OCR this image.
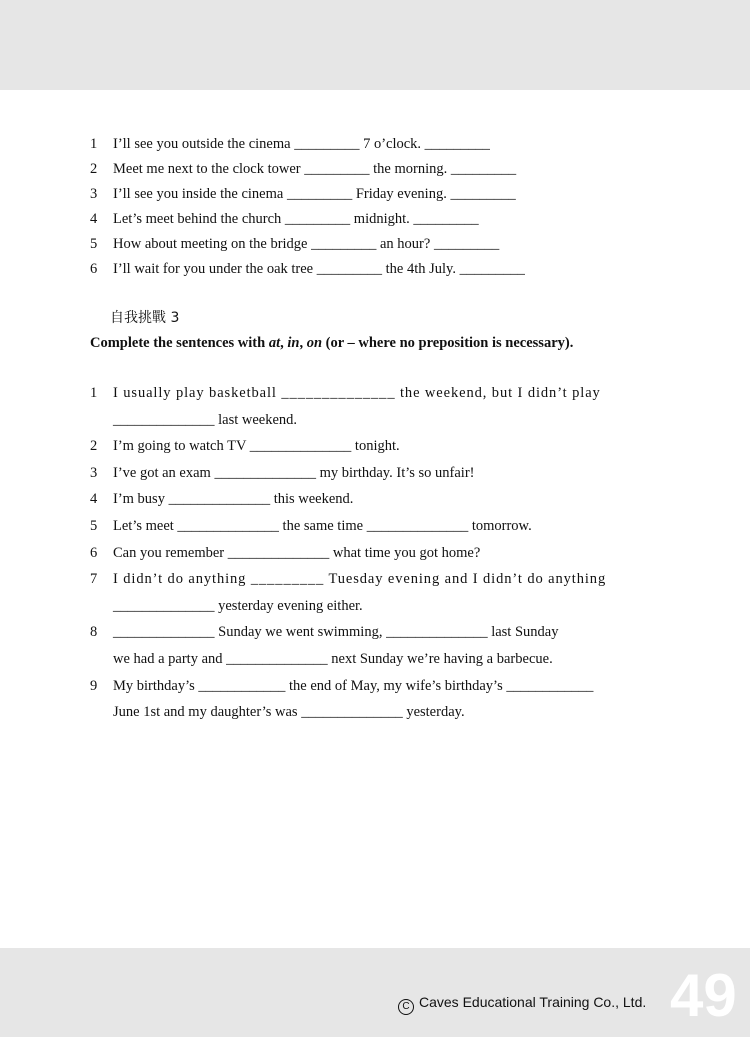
1 I’ll see you outside the cinema _________ 7 o’clock. _________
2 Meet me next to the clock tower _________ the morning. _________
3 I’ll see you inside the cinema _________ Friday evening. _________
4 Let’s meet behind the church _________ midnight. _________
5 How about meeting on the bridge _________ an hour? _________
6 I’ll wait for you under the oak tree _________ the 4th July. _________
自我挑戰 3
Complete the sentences with at, in, on (or – where no preposition is necessary).
1 I usually play basketball ______________ the weekend, but I didn’t play
______________ last weekend.
2 I’m going to watch TV ______________ tonight.
3 I’ve got an exam ______________ my birthday. It’s so unfair!
4 I’m busy ______________ this weekend.
5 Let’s meet ______________ the same time ______________ tomorrow.
6 Can you remember ______________ what time you got home?
7 I didn’t do anything _________ Tuesday evening and I didn’t do anything
______________ yesterday evening either.
8 ______________ Sunday we went swimming, ______________ last Sunday
we had a party and ______________ next Sunday we’re having a barbecue.
9 My birthday’s ____________ the end of May, my wife’s birthday’s ____________
June 1st and my daughter’s was ______________ yesterday.
C Caves Educational Training Co., Ltd. 49
